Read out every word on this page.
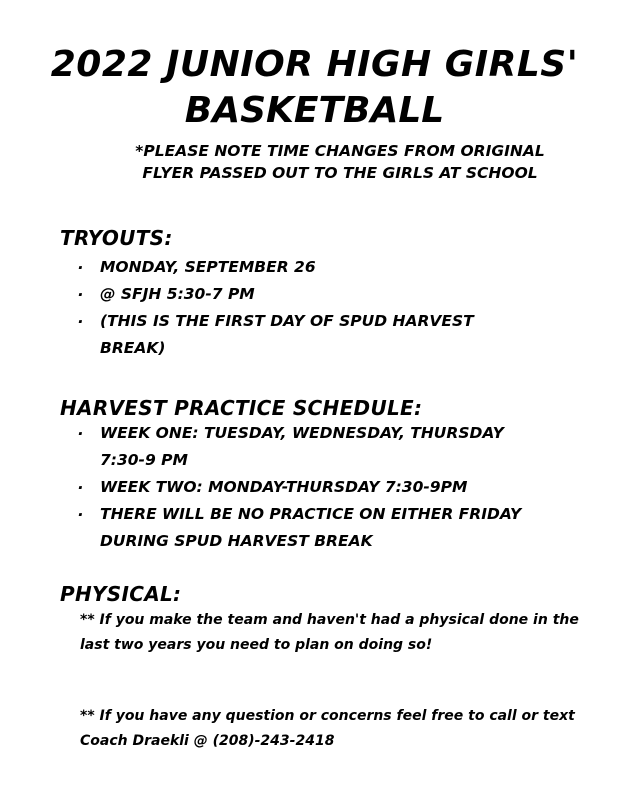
2022 JUNIOR HIGH GIRLS'
BASKETBALL
*PLEASE NOTE TIME CHANGES FROM ORIGINAL FLYER PASSED OUT TO THE GIRLS AT SCHOOL
TRYOUTS:
. MONDAY, SEPTEMBER 26
. @ SFJH 5:30-7 PM
. (THIS IS THE FIRST DAY OF SPUD HARVEST BREAK)
HARVEST PRACTICE SCHEDULE:
. WEEK ONE: TUESDAY, WEDNESDAY, THURSDAY 7:30-9 PM
. WEEK TWO: MONDAY-THURSDAY 7:30-9PM
. THERE WILL BE NO PRACTICE ON EITHER FRIDAY DURING SPUD HARVEST BREAK
PHYSICAL:
** If you make the team and haven't had a physical done in the last two years you need to plan on doing so!
** If you have any question or concerns feel free to call or text Coach Draekli @ (208)-243-2418
